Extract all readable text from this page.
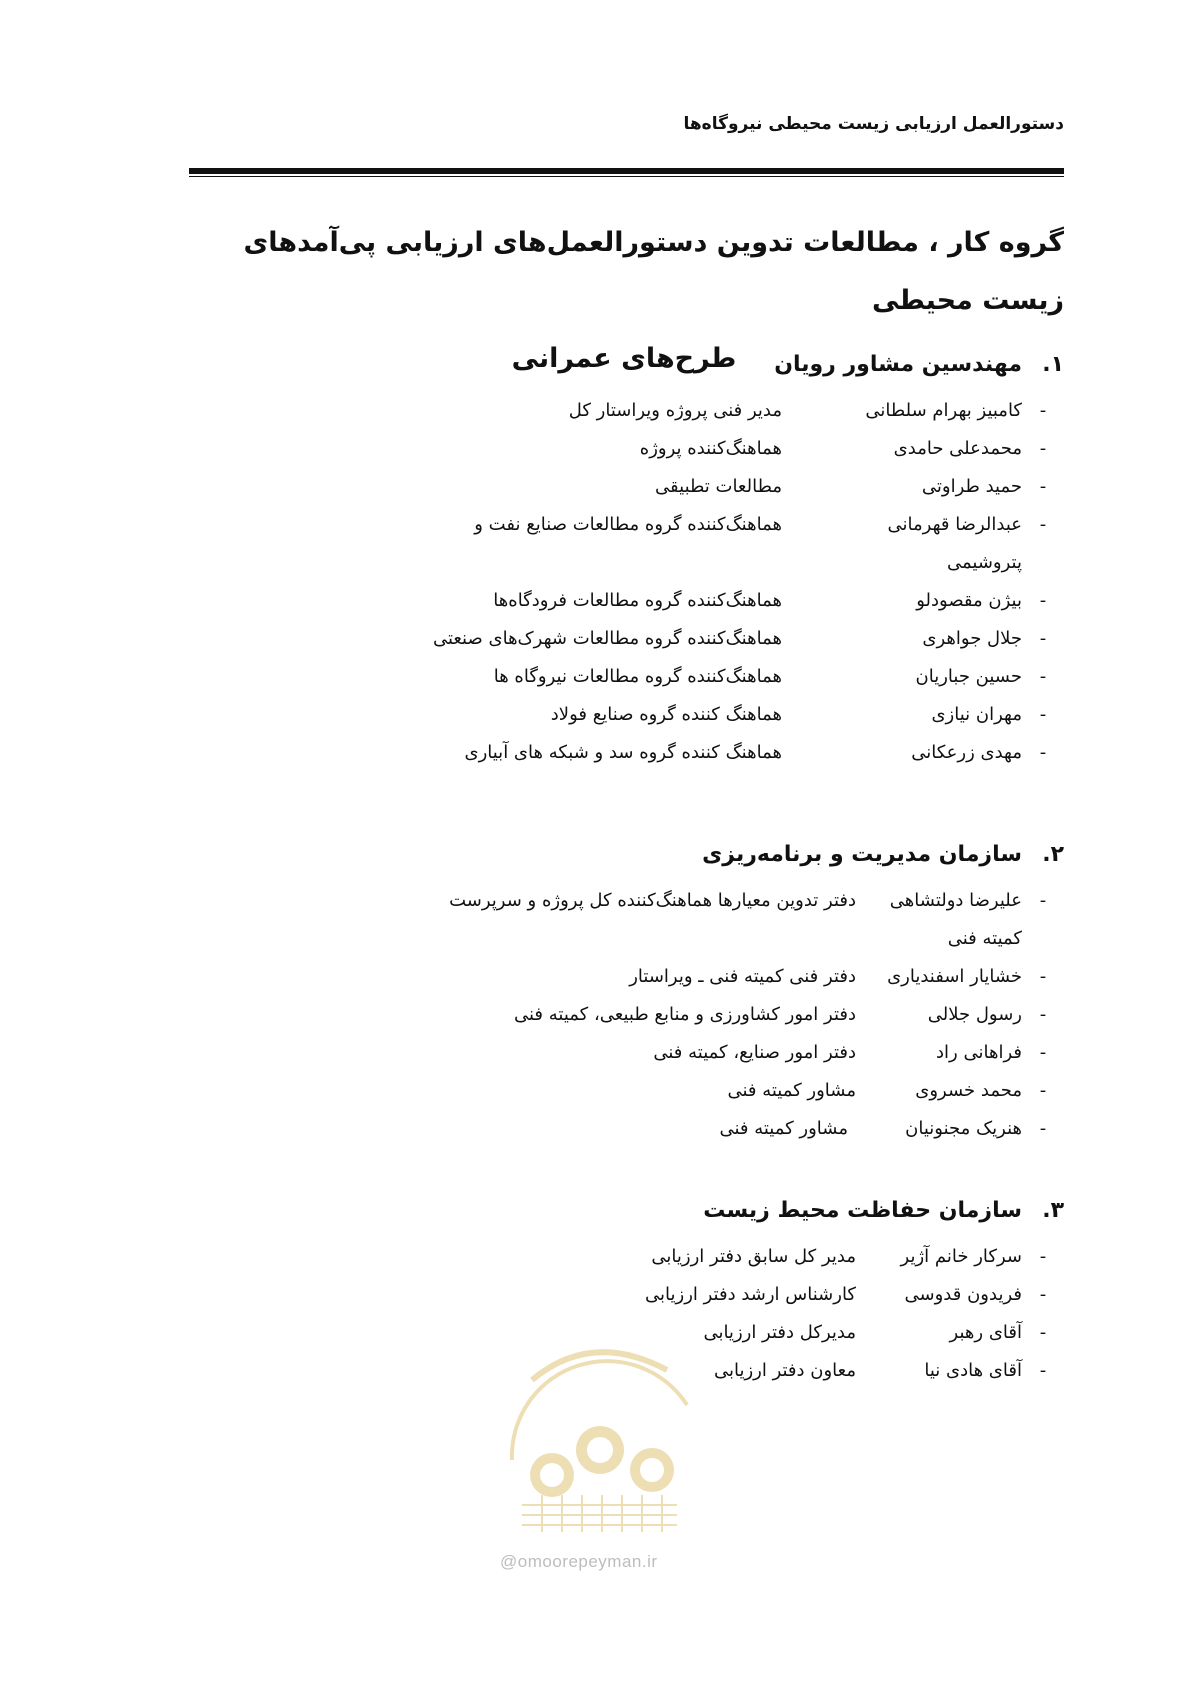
دستورالعمل ارزیابی زیست محیطی نیروگاه‌ها
گروه کار ، مطالعات تدوین دستورالعمل‌های ارزیابی پی‌آمدهای زیست محیطی
طرح‌های عمرانی	۱.
مهندسین مشاور رویان
-
کامبیز بهرام سلطانی
مدیر فنی پروژه ویراستار کل
-
محمدعلی حامدی
هماهنگ‌کننده پروژه
-
حمید طراوتی
مطالعات تطبیقی
-
عبدالرضا قهرمانی
هماهنگ‌کننده گروه مطالعات صنایع نفت و
پتروشیمی
-
بیژن مقصودلو
هماهنگ‌کننده گروه مطالعات فرودگاه‌ها
-
جلال جواهری
هماهنگ‌کننده گروه مطالعات شهرک‌های صنعتی
-
حسین جباریان
هماهنگ‌کننده گروه مطالعات نیروگاه ها
-
مهران نیازی
هماهنگ کننده گروه صنایع فولاد
-
مهدی زرعکانی
هماهنگ کننده گروه سد و شبکه های آبیاری
۲.
سازمان مدیریت و برنامه‌ریزی
-
علیرضا دولتشاهی
دفتر تدوین معیارها هماهنگ‌کننده کل پروژه و سرپرست
کمیته فنی
-
خشایار اسفندیاری
دفتر فنی کمیته فنی ـ ویراستار
-
رسول جلالی
دفتر امور کشاورزی و منابع طبیعی، کمیته فنی
-
فراهانی راد
دفتر امور صنایع، کمیته فنی
-
محمد خسروی
مشاور کمیته فنی
-
هنریک مجنونیان
مشاور کمیته فنی
۳.
سازمان حفاظت محیط زیست
-
سرکار خانم آژیر
مدیر کل سابق دفتر ارزیابی
-
فریدون قدوسی
کارشناس ارشد دفتر ارزیابی
-
آقای رهبر
مدیرکل دفتر ارزیابی
-
آقای هادی نیا
معاون دفتر ارزیابی
@omoorepeyman.ir
